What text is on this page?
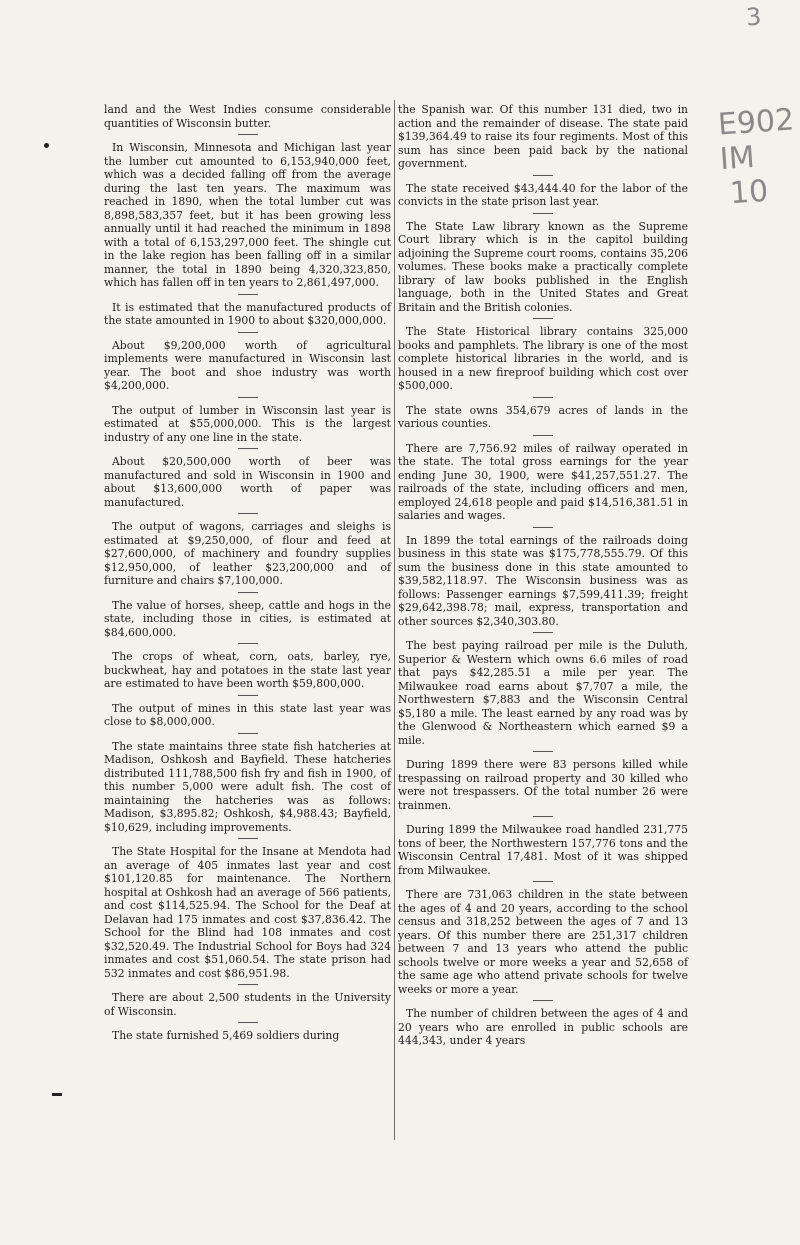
3
E902
IM
10

land and the West Indies consume considerable quantities of Wisconsin butter.

In Wisconsin, Minnesota and Michigan last year the lumber cut amounted to 6,153,940,000 feet, which was a decided falling off from the average during the last ten years. The maximum was reached in 1890, when the total lumber cut was 8,898,583,357 feet, but it has been growing less annually until it had reached the minimum in 1898 with a total of 6,153,297,000 feet. The shingle cut in the lake region has been falling off in a similar manner, the total in 1890 being 4,320,323,850, which has fallen off in ten years to 2,861,497,000.

It is estimated that the manufactured products of the state amounted in 1900 to about $320,000,000.

About $9,200,000 worth of agricultural implements were manufactured in Wisconsin last year. The boot and shoe industry was worth $4,200,000.

The output of lumber in Wisconsin last year is estimated at $55,000,000. This is the largest industry of any one line in the state.

About $20,500,000 worth of beer was manufactured and sold in Wisconsin in 1900 and about $13,600,000 worth of paper was manufactured.

The output of wagons, carriages and sleighs is estimated at $9,250,000, of flour and feed at $27,600,000, of machinery and foundry supplies $12,950,000, of leather $23,200,000 and of furniture and chairs $7,100,000.

The value of horses, sheep, cattle and hogs in the state, including those in cities, is estimated at $84,600,000.

The crops of wheat, corn, oats, barley, rye, buckwheat, hay and potatoes in the state last year are estimated to have been worth $59,800,000.

The output of mines in this state last year was close to $8,000,000.

The state maintains three state fish hatcheries at Madison, Oshkosh and Bayfield. These hatcheries distributed 111,788,500 fish fry and fish in 1900, of this number 5,000 were adult fish. The cost of maintaining the hatcheries was as follows: Madison, $3,895.82; Oshkosh, $4,988.43; Bayfield, $10,629, including improvements.

The State Hospital for the Insane at Mendota had an average of 405 inmates last year and cost $101,120.85 for maintenance. The Northern hospital at Oshkosh had an average of 566 patients, and cost $114,525.94. The School for the Deaf at Delavan had 175 inmates and cost $37,836.42. The School for the Blind had 108 inmates and cost $32,520.49. The Industrial School for Boys had 324 inmates and cost $51,060.54. The state prison had 532 inmates and cost $86,951.98.

There are about 2,500 students in the University of Wisconsin.

The state furnished 5,469 soldiers during

the Spanish war. Of this number 131 died, two in action and the remainder of disease. The state paid $139,364.49 to raise its four regiments. Most of this sum has since been paid back by the national government.

The state received $43,444.40 for the labor of the convicts in the state prison last year.

The State Law library known as the Supreme Court library which is in the capitol building adjoining the Supreme court rooms, contains 35,206 volumes. These books make a practically complete library of law books published in the English language, both in the United States and Great Britain and the British colonies.

The State Historical library contains 325,000 books and pamphlets. The library is one of the most complete historical libraries in the world, and is housed in a new fireproof building which cost over $500,000.

The state owns 354,679 acres of lands in the various counties.

There are 7,756.92 miles of railway operated in the state. The total gross earnings for the year ending June 30, 1900, were $41,257,551.27. The railroads of the state, including officers and men, employed 24,618 people and paid $14,516,381.51 in salaries and wages.

In 1899 the total earnings of the railroads doing business in this state was $175,778,555.79. Of this sum the business done in this state amounted to $39,582,118.97. The Wisconsin business was as follows: Passenger earnings $7,599,411.39; freight $29,642,398.78; mail, express, transportation and other sources $2,340,303.80.

The best paying railroad per mile is the Duluth, Superior & Western which owns 6.6 miles of road that pays $42,285.51 a mile per year. The Milwaukee road earns about $7,707 a mile, the Northwestern $7,883 and the Wisconsin Central $5,180 a mile. The least earned by any road was by the Glenwood & Northeastern which earned $9 a mile.

During 1899 there were 83 persons killed while trespassing on railroad property and 30 killed who were not trespassers. Of the total number 26 were trainmen.

During 1899 the Milwaukee road handled 231,775 tons of beer, the Northwestern 157,776 tons and the Wisconsin Central 17,481. Most of it was shipped from Milwaukee.

There are 731,063 children in the state between the ages of 4 and 20 years, according to the school census and 318,252 between the ages of 7 and 13 years. Of this number there are 251,317 children between 7 and 13 years who attend the public schools twelve or more weeks a year and 52,658 of the same age who attend private schools for twelve weeks or more a year.

The number of children between the ages of 4 and 20 years who are enrolled in public schools are 444,343, under 4 years
